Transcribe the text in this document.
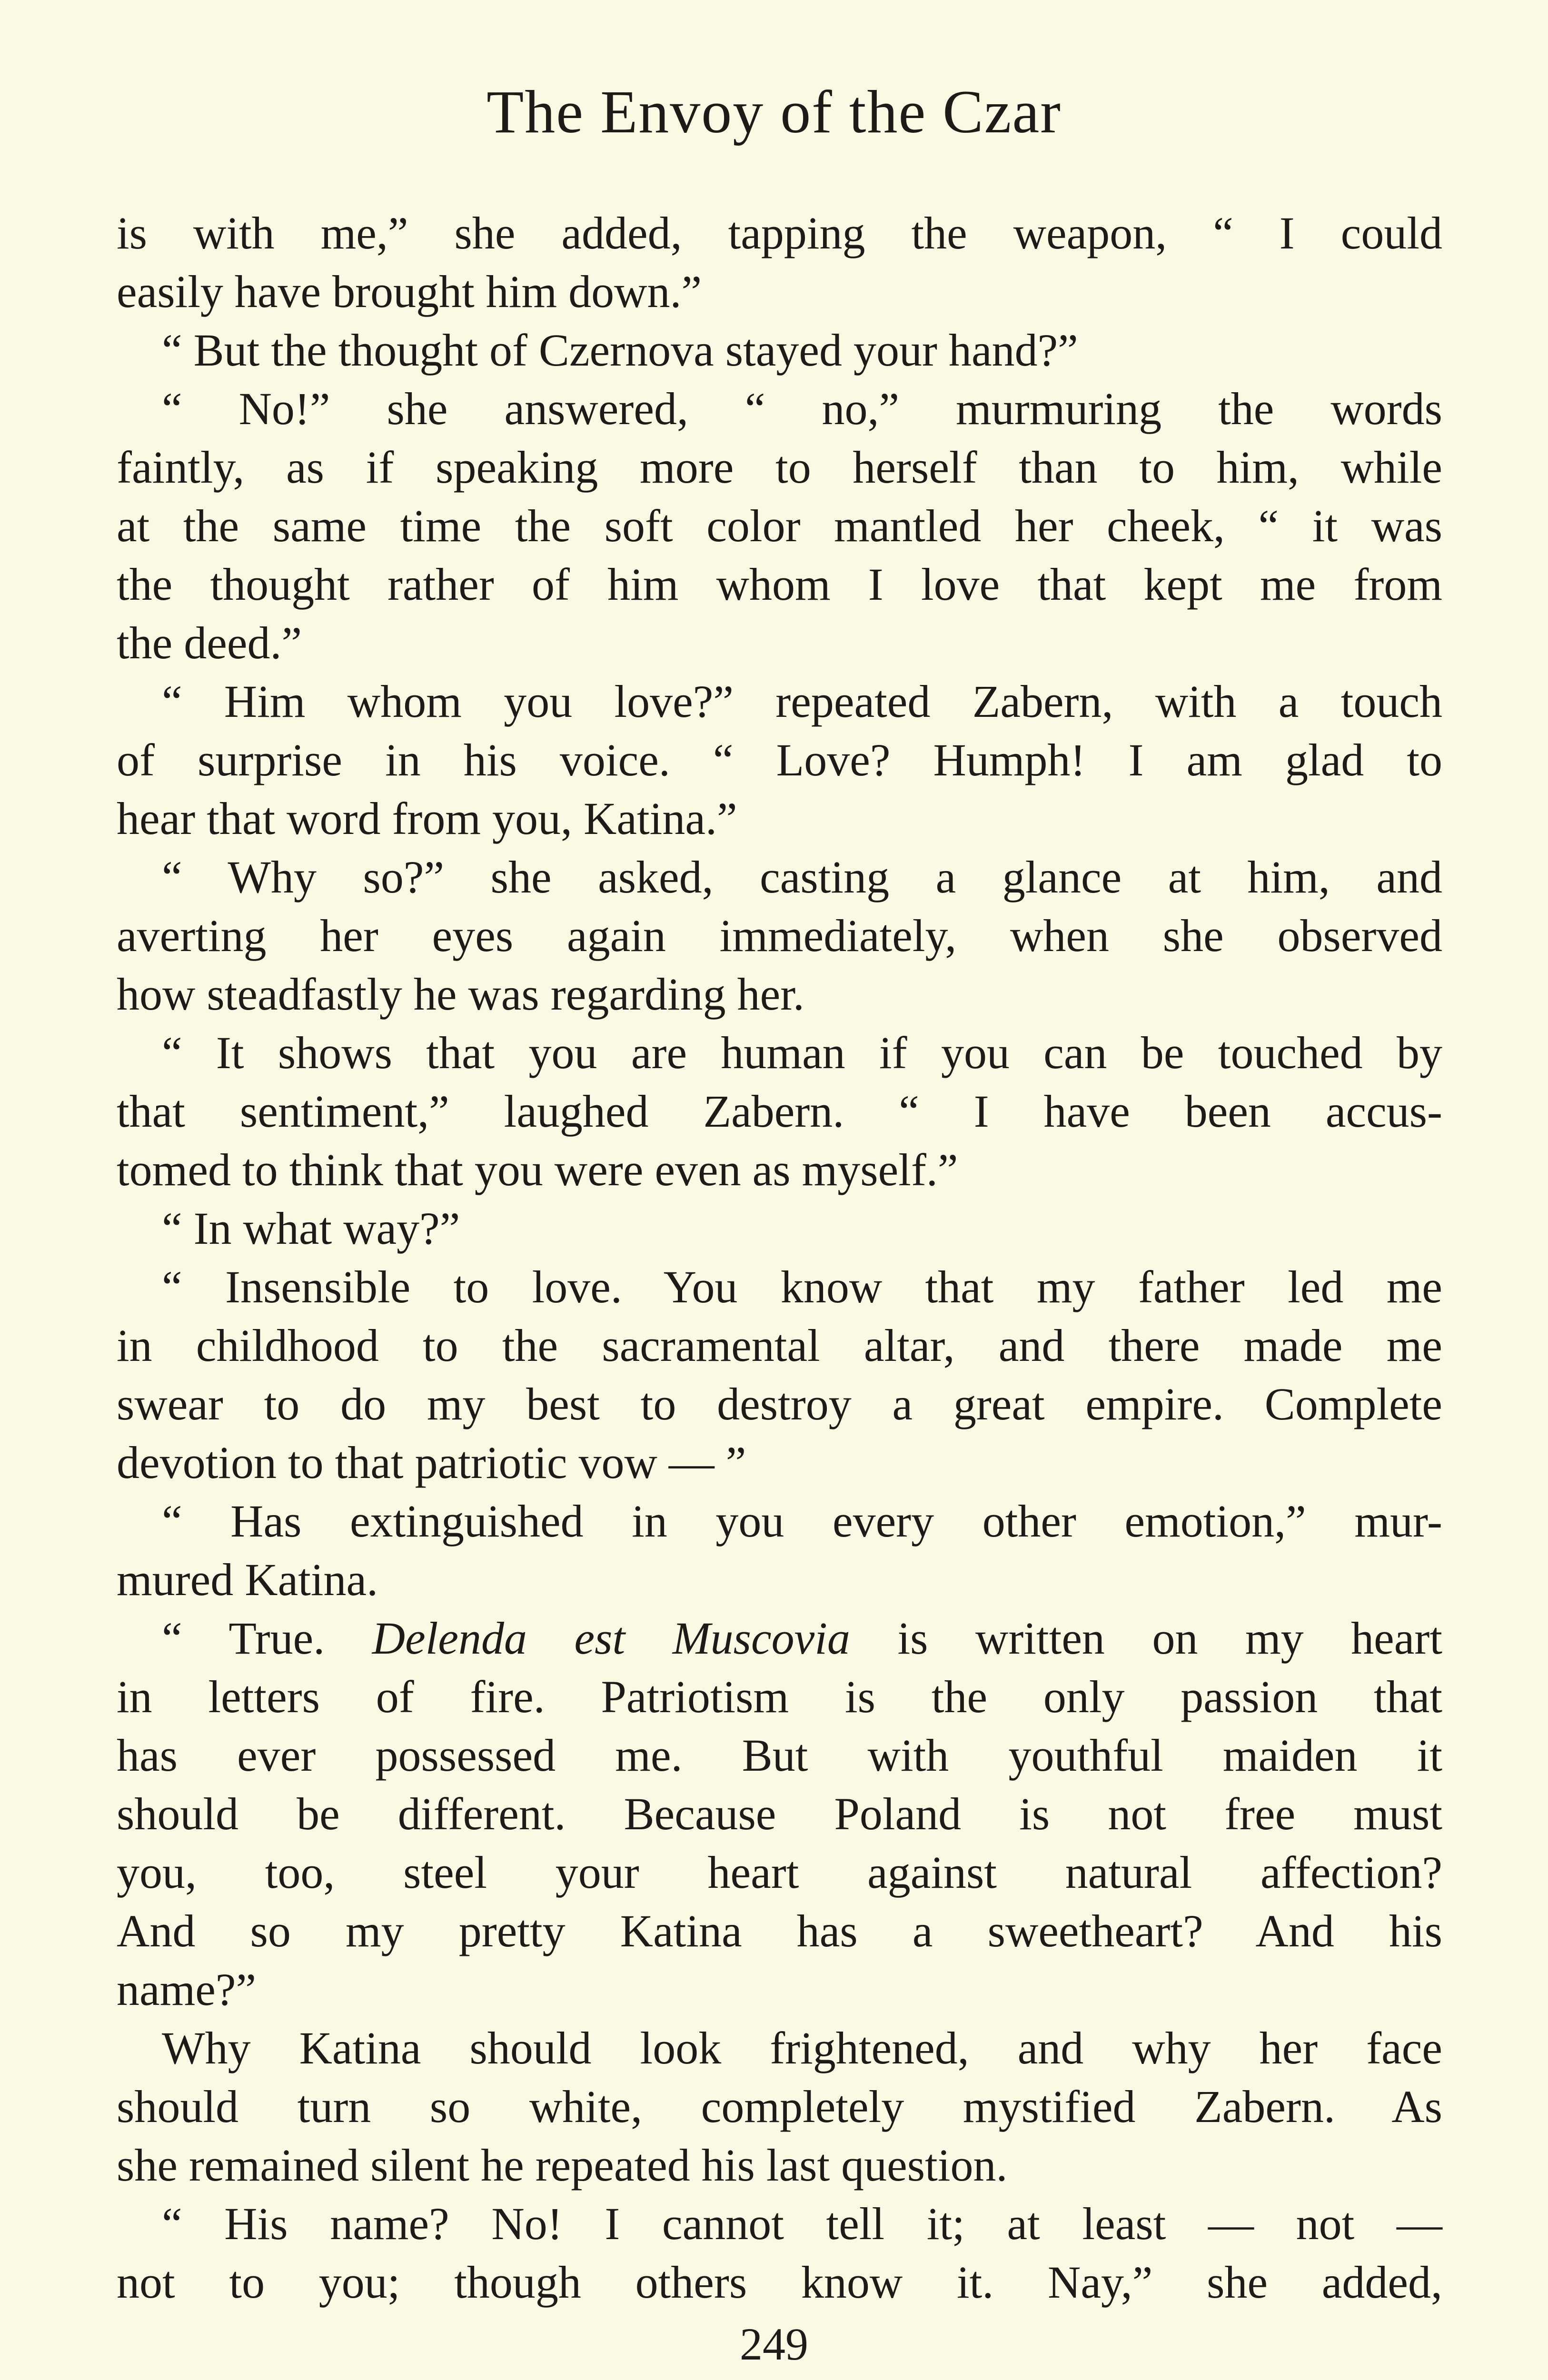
The Envoy of the Czar
is with me,” she added, tapping the weapon, “ I could
easily have brought him down.”
“ But the thought of Czernova stayed your hand?”
“ No!” she answered, “ no,” murmuring the words
faintly, as if speaking more to herself than to him, while
at the same time the soft color mantled her cheek, “ it was
the thought rather of him whom I love that kept me from
the deed.”
“ Him whom you love?” repeated Zabern, with a touch
of surprise in his voice. “ Love? Humph! I am glad to
hear that word from you, Katina.”
“ Why so?” she asked, casting a glance at him, and
averting her eyes again immediately, when she observed
how steadfastly he was regarding her.
“ It shows that you are human if you can be touched by
that sentiment,” laughed Zabern. “ I have been accus-
tomed to think that you were even as myself.”
“ In what way?”
“ Insensible to love. You know that my father led me
in childhood to the sacramental altar, and there made me
swear to do my best to destroy a great empire. Complete
devotion to that patriotic vow — ”
“ Has extinguished in you every other emotion,” mur-
mured Katina.
“ True. Delenda est Muscovia is written on my heart
in letters of fire. Patriotism is the only passion that
has ever possessed me. But with youthful maiden it
should be different. Because Poland is not free must
you, too, steel your heart against natural affection?
And so my pretty Katina has a sweetheart? And his
name?”
Why Katina should look frightened, and why her face
should turn so white, completely mystified Zabern. As
she remained silent he repeated his last question.
“ His name? No! I cannot tell it; at least — not —
not to you; though others know it. Nay,” she added,
249
